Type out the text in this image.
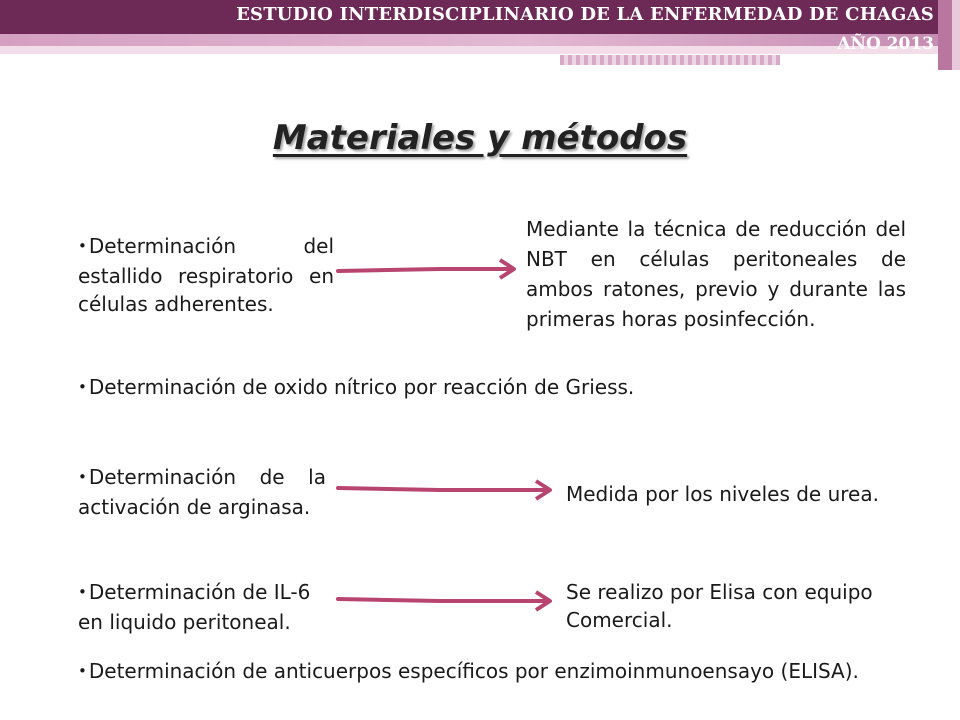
ESTUDIO INTERDISCIPLINARIO DE LA ENFERMEDAD DE CHAGAS
AÑO 2013
Materiales y métodos
• Determinación del estallido respiratorio en células adherentes.
Mediante la técnica de reducción del NBT en células peritoneales de ambos ratones, previo y durante las primeras horas posinfección.
• Determinación de oxido nítrico por reacción de Griess.
• Determinación de la activación de arginasa.
Medida por los niveles de urea.
• Determinación de IL-6 en liquido peritoneal.
Se realizo por Elisa con equipo
Comercial.
• Determinación de anticuerpos específicos por enzimoinmunoensayo (ELISA).
